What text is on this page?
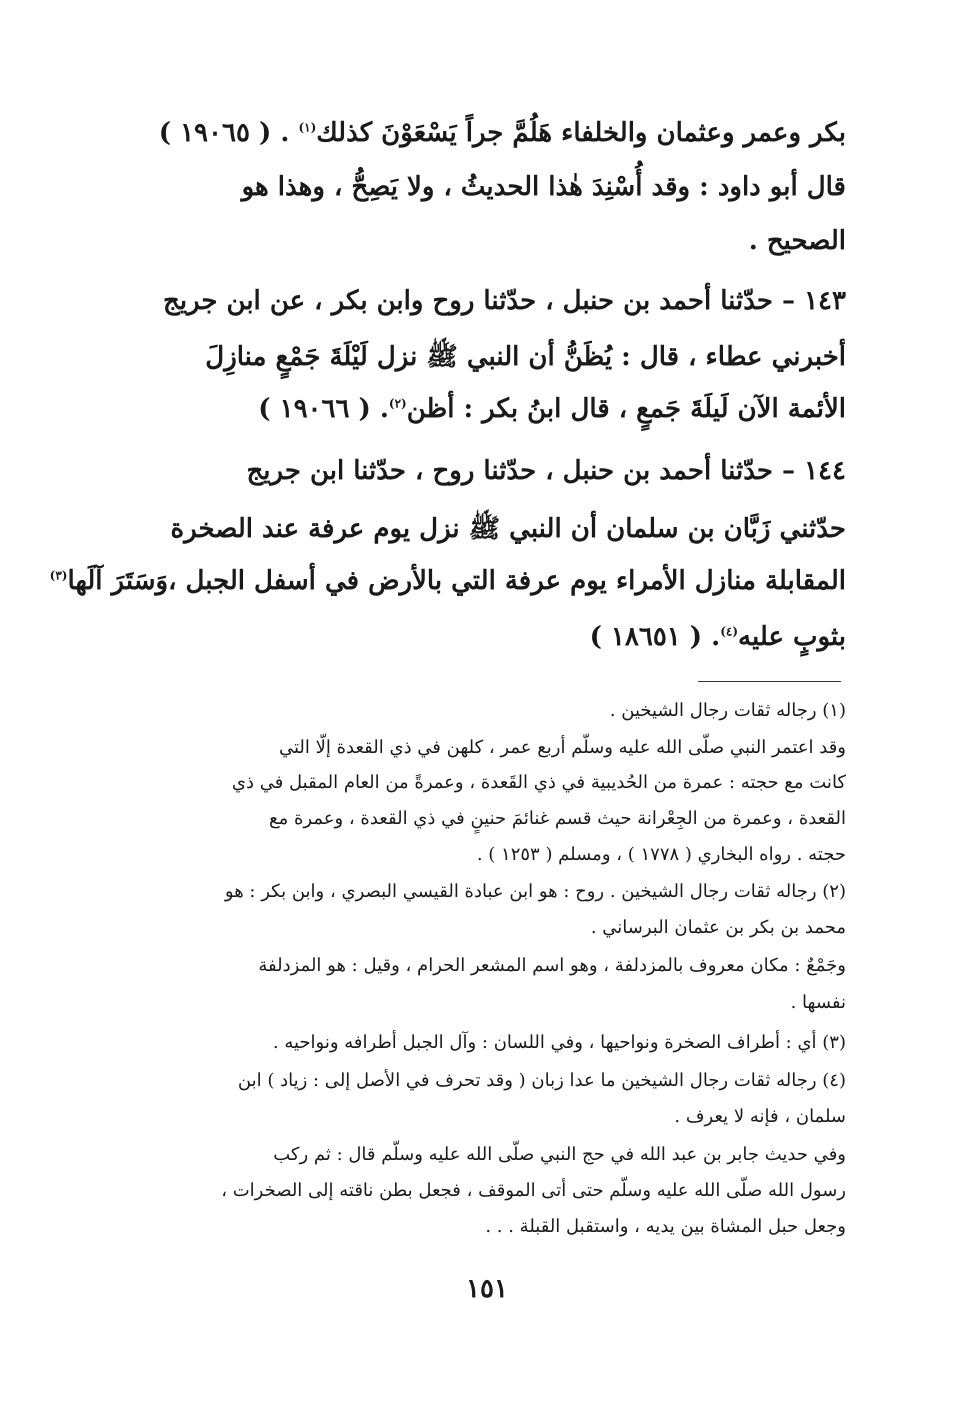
بكر وعمر وعثمان والخلفاء هَلُمَّ جراً يَسْعَوْنَ كذلك$^{(١)}$ . ( ١٩٠٦٥ )
قال أبو داود : وقد أُسْنِدَ هٰذا الحديثُ ، ولا يَصِحُّ ، وهذا هو
الصحيح .
١٤٣ – حدّثنا أحمد بن حنبل ، حدّثنا روح وابن بكر ، عن ابن جريج
أخبرني عطاء ، قال : يُظَنُّ أن النبي ﷺ نزل لَيْلَةَ جَمْعٍ منازِلَ
الأئمة الآن لَيلَةَ جَمعٍ ، قال ابنُ بكر : أظن$^{(٢)}$. ( ١٩٠٦٦ )
١٤٤ – حدّثنا أحمد بن حنبل ، حدّثنا روح ، حدّثنا ابن جريج
حدّثني زَبَّان بن سلمان أن النبي ﷺ نزل يوم عرفة عند الصخرة
المقابلة منازل الأمراء يوم عرفة التي بالأرض في أسفل الجبل ،وَسَتَرَ آلَها$^{(٣)}$
بثوبٍ عليه$^{(٤)}$. ( ١٨٦٥١ )
(١) رجاله ثقات رجال الشيخين .
وقد اعتمر النبي صلّى الله عليه وسلّم أربع عمر ، كلهن في ذي القعدة إلّا التي
كانت مع حجته : عمرة من الحُديبية في ذي القَعدة ، وعمرةً من العام المقبل في ذي
القعدة ، وعمرة من الجِعْرانة حيث قسم غنائمَ حنينٍ في ذي القعدة ، وعمرة مع
حجته . رواه البخاري ( ١٧٧٨ ) ، ومسلم ( ١٢٥٣ ) .
(٢) رجاله ثقات رجال الشيخين . روح : هو ابن عبادة القيسي البصري ، وابن بكر : هو
محمد بن بكر بن عثمان البرساني .
وجَمْعٌ : مكان معروف بالمزدلفة ، وهو اسم المشعر الحرام ، وقيل : هو المزدلفة
نفسها .
(٣) أي : أطراف الصخرة ونواحيها ، وفي اللسان : وآل الجبل أطرافه ونواحيه .
(٤) رجاله ثقات رجال الشيخين ما عدا زبان ( وقد تحرف في الأصل إلى : زياد ) ابن
سلمان ، فإنه لا يعرف .
وفي حديث جابر بن عبد الله في حج النبي صلّى الله عليه وسلّم قال : ثم ركب
رسول الله صلّى الله عليه وسلّم حتى أتى الموقف ، فجعل بطن ناقته إلى الصخرات ،
وجعل حبل المشاة بين يديه ، واستقبل القبلة . . .
١٥١
